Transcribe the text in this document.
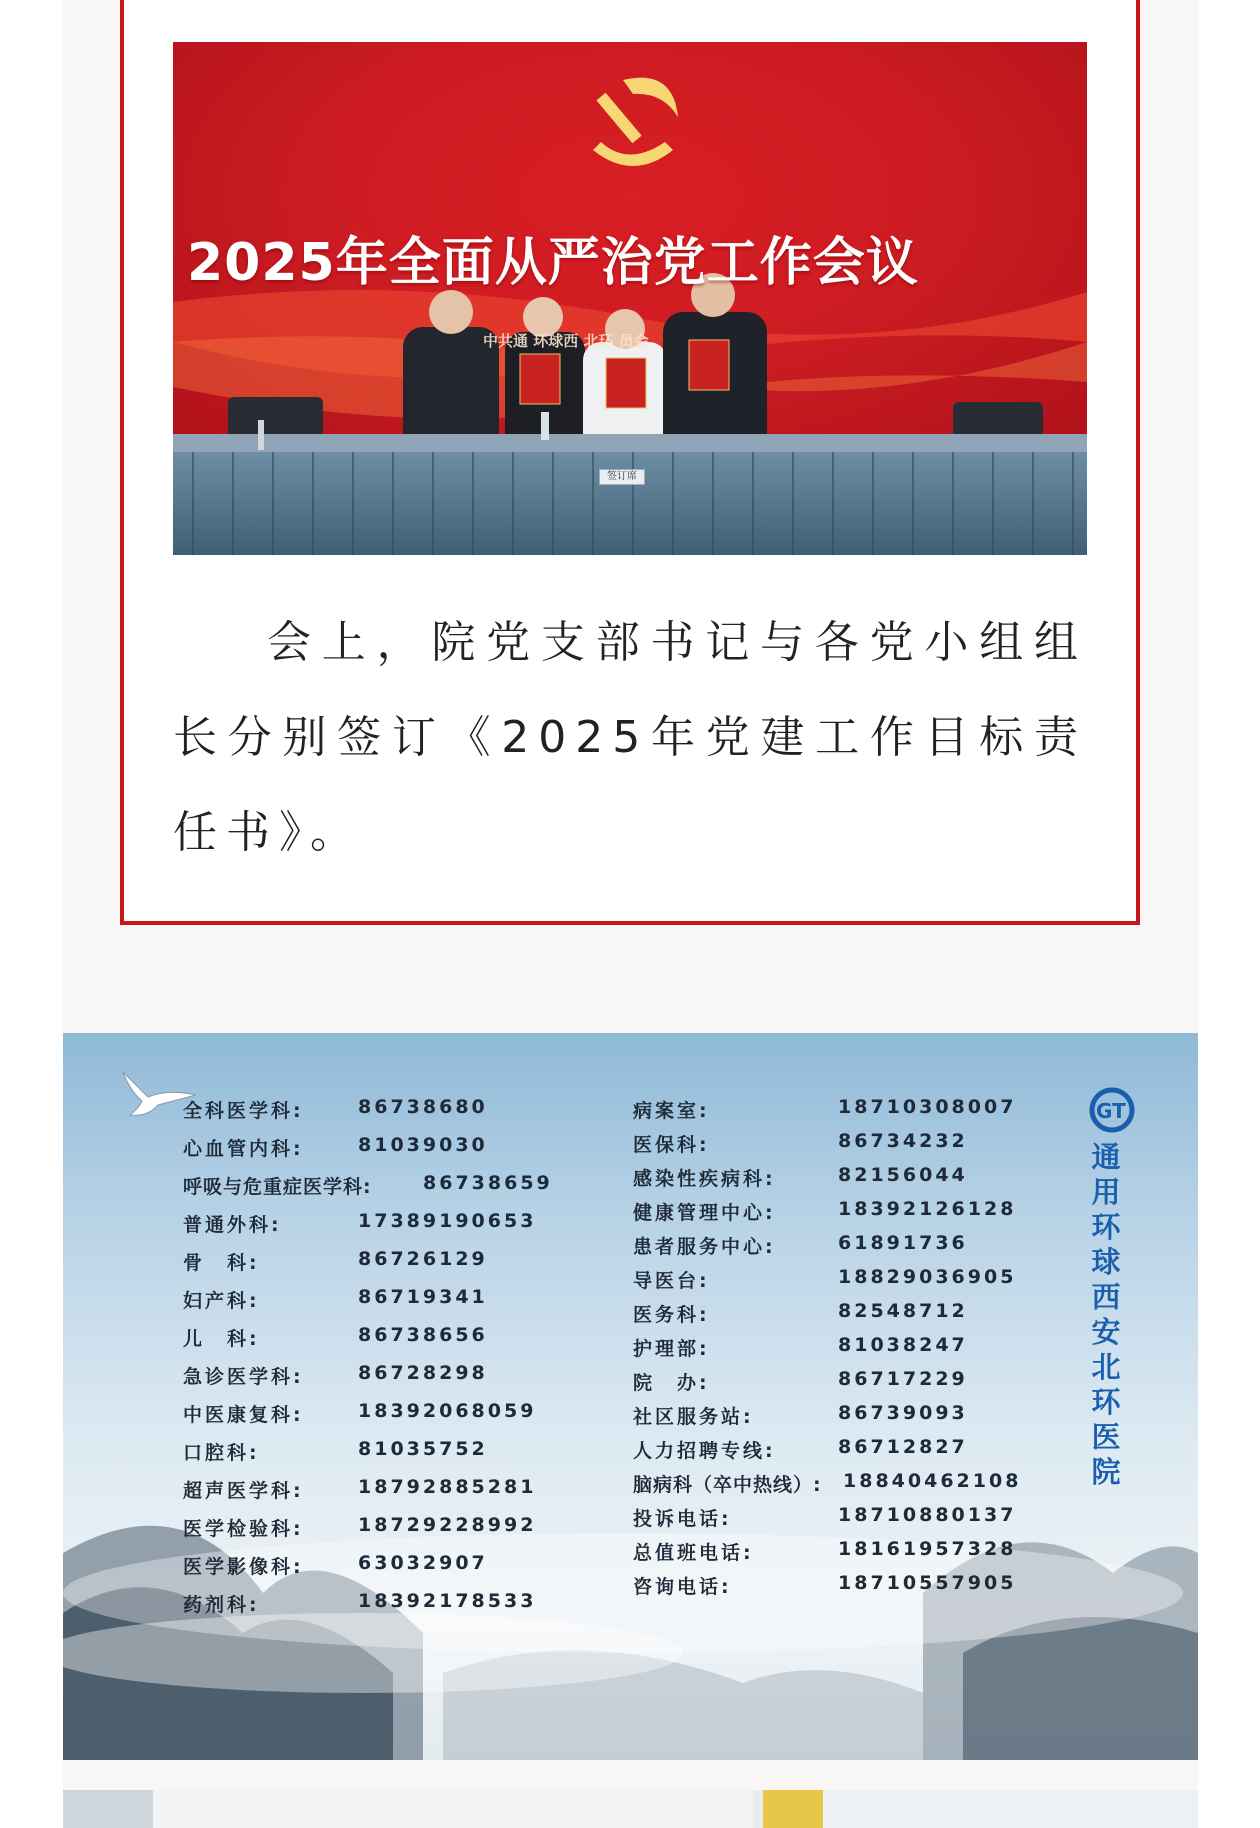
2025年全面从严治党工作会议
中共通 环球西 北环 员会
签订席

会上，院党支部书记与各党小组组长分别签订《2025年党建工作目标责任书》。

全科医学科:	86738680
心血管内科:	81039030
呼吸与危重症医学科:	86738659
普通外科:	17389190653
骨　科:	86726129
妇产科:	86719341
儿　科:	86738656
急诊医学科:	86728298
中医康复科:	18392068059
口腔科:	81035752
超声医学科:	18792885281
医学检验科:	18729228992
医学影像科:	63032907
药剂科:	18392178533
病案室:	18710308007
医保科:	86734232
感染性疾病科:	82156044
健康管理中心:	18392126128
患者服务中心:	61891736
导医台:	18829036905
医务科:	82548712
护理部:	81038247
院　办:	86717229
社区服务站:	86739093
人力招聘专线:	86712827
脑病科（卒中热线）: 18840462108
投诉电话:	18710880137
总值班电话:	18161957328
咨询电话:	18710557905
GT
通用环球西安北环医院
